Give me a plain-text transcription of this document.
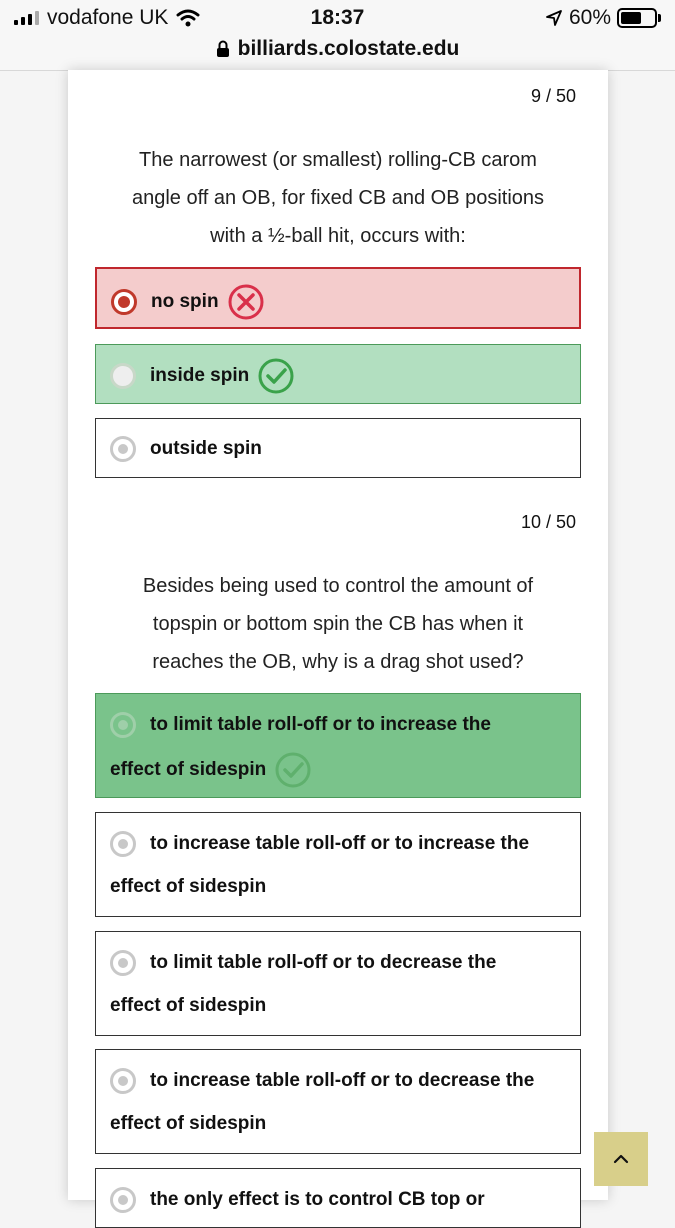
vodafone UK	18:37	60%
billiards.colostate.edu
9 / 50
The narrowest (or smallest) rolling-CB carom
angle off an OB, for fixed CB and OB positions
with a ½-ball hit, occurs with:
no spin
inside spin
outside spin
10 / 50
Besides being used to control the amount of
topspin or bottom spin the CB has when it
reaches the OB, why is a drag shot used?
to limit table roll-off or to increase the
effect of sidespin
to increase table roll-off or to increase the
effect of sidespin
to limit table roll-off or to decrease the
effect of sidespin
to increase table roll-off or to decrease the
effect of sidespin
the only effect is to control CB top or
